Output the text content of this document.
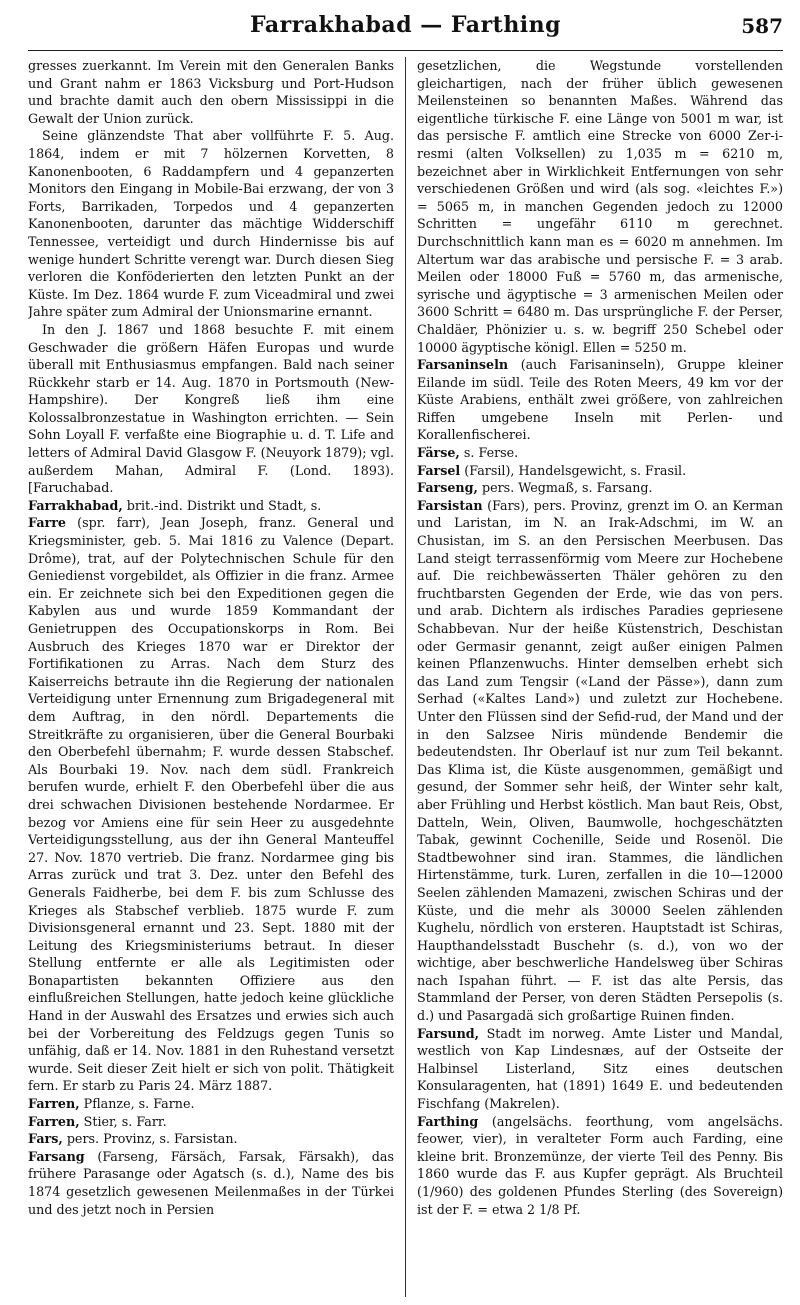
Farrakhabad — Farthing	587

gresses zuerkannt. Im Verein mit den Generalen Banks und Grant nahm er 1863 Vicksburg und Port-Hudson und brachte damit auch den obern Mississippi in die Gewalt der Union zurück.

Seine glänzendste That aber vollführte F. 5. Aug. 1864, indem er mit 7 hölzernen Korvetten, 8 Kanonenbooten, 6 Raddampfern und 4 gepanzerten Monitors den Eingang in Mobile-Bai erzwang, der von 3 Forts, Barrikaden, Torpedos und 4 gepanzerten Kanonenbooten, darunter das mächtige Widderschiff Tennessee, verteidigt und durch Hindernisse bis auf wenige hundert Schritte verengt war. Durch diesen Sieg verloren die Konföderierten den letzten Punkt an der Küste. Im Dez. 1864 wurde F. zum Viceadmiral und zwei Jahre später zum Admiral der Unionsmarine ernannt.

In den J. 1867 und 1868 besuchte F. mit einem Geschwader die größern Häfen Europas und wurde überall mit Enthusiasmus empfangen. Bald nach seiner Rückkehr starb er 14. Aug. 1870 in Portsmouth (New-Hampshire). Der Kongreß ließ ihm eine Kolossalbronzestatue in Washington errichten. — Sein Sohn Loyall F. verfaßte eine Biographie u. d. T. Life and letters of Admiral David Glasgow F. (Neuyork 1879); vgl. außerdem Mahan, Admiral F. (Lond. 1893). [Faruchabad.

Farrakhabad, brit.-ind. Distrikt und Stadt, s.

Farre (spr. farr), Jean Joseph, franz. General und Kriegsminister, geb. 5. Mai 1816 zu Valence (Depart. Drôme), trat, auf der Polytechnischen Schule für den Geniedienst vorgebildet, als Offizier in die franz. Armee ein. Er zeichnete sich bei den Expeditionen gegen die Kabylen aus und wurde 1859 Kommandant der Genietruppen des Occupationskorps in Rom. Bei Ausbruch des Krieges 1870 war er Direktor der Fortifikationen zu Arras. Nach dem Sturz des Kaiserreichs betraute ihn die Regierung der nationalen Verteidigung unter Ernennung zum Brigadegeneral mit dem Auftrag, in den nördl. Departements die Streitkräfte zu organisieren, über die General Bourbaki den Oberbefehl übernahm; F. wurde dessen Stabschef. Als Bourbaki 19. Nov. nach dem südl. Frankreich berufen wurde, erhielt F. den Oberbefehl über die aus drei schwachen Divisionen bestehende Nordarmee. Er bezog vor Amiens eine für sein Heer zu ausgedehnte Verteidigungsstellung, aus der ihn General Manteuffel 27. Nov. 1870 vertrieb. Die franz. Nordarmee ging bis Arras zurück und trat 3. Dez. unter den Befehl des Generals Faidherbe, bei dem F. bis zum Schlusse des Krieges als Stabschef verblieb. 1875 wurde F. zum Divisionsgeneral ernannt und 23. Sept. 1880 mit der Leitung des Kriegsministeriums betraut. In dieser Stellung entfernte er alle als Legitimisten oder Bonapartisten bekannten Offiziere aus den einflußreichen Stellungen, hatte jedoch keine glückliche Hand in der Auswahl des Ersatzes und erwies sich auch bei der Vorbereitung des Feldzugs gegen Tunis so unfähig, daß er 14. Nov. 1881 in den Ruhestand versetzt wurde. Seit dieser Zeit hielt er sich von polit. Thätigkeit fern. Er starb zu Paris 24. März 1887.

Farren, Pflanze, s. Farne.

Farren, Stier, s. Farr.

Fars, pers. Provinz, s. Farsistan.

Farsang (Farseng, Färsäch, Farsak, Färsakh), das frühere Parasange oder Agatsch (s. d.), Name des bis 1874 gesetzlich gewesenen Meilenmaßes in der Türkei und des jetzt noch in Persien

gesetzlichen, die Wegstunde vorstellenden gleichartigen, nach der früher üblich gewesenen Meilensteinen so benannten Maßes. Während das eigentliche türkische F. eine Länge von 5001 m war, ist das persische F. amtlich eine Strecke von 6000 Zer-i-resmi (alten Volksellen) zu 1,035 m = 6210 m, bezeichnet aber in Wirklichkeit Entfernungen von sehr verschiedenen Größen und wird (als sog. «leichtes F.») = 5065 m, in manchen Gegenden jedoch zu 12000 Schritten = ungefähr 6110 m gerechnet. Durchschnittlich kann man es = 6020 m annehmen. Im Altertum war das arabische und persische F. = 3 arab. Meilen oder 18000 Fuß = 5760 m, das armenische, syrische und ägyptische = 3 armenischen Meilen oder 3600 Schritt = 6480 m. Das ursprüngliche F. der Perser, Chaldäer, Phönizier u. s. w. begriff 250 Schebel oder 10000 ägyptische königl. Ellen = 5250 m.

Farsaninseln (auch Farisaninseln), Gruppe kleiner Eilande im südl. Teile des Roten Meers, 49 km vor der Küste Arabiens, enthält zwei größere, von zahlreichen Riffen umgebene Inseln mit Perlen- und Korallenfischerei.

Färse, s. Ferse.

Farsel (Farsil), Handelsgewicht, s. Frasil.

Farseng, pers. Wegmaß, s. Farsang.

Farsistan (Fars), pers. Provinz, grenzt im O. an Kerman und Laristan, im N. an Irak-Adschmi, im W. an Chusistan, im S. an den Persischen Meerbusen. Das Land steigt terrassenförmig vom Meere zur Hochebene auf. Die reichbewässerten Thäler gehören zu den fruchtbarsten Gegenden der Erde, wie das von pers. und arab. Dichtern als irdisches Paradies gepriesene Schabbevan. Nur der heiße Küstenstrich, Deschistan oder Germasir genannt, zeigt außer einigen Palmen keinen Pflanzenwuchs. Hinter demselben erhebt sich das Land zum Tengsir («Land der Pässe»), dann zum Serhad («Kaltes Land») und zuletzt zur Hochebene. Unter den Flüssen sind der Sefid-rud, der Mand und der in den Salzsee Niris mündende Bendemir die bedeutendsten. Ihr Oberlauf ist nur zum Teil bekannt. Das Klima ist, die Küste ausgenommen, gemäßigt und gesund, der Sommer sehr heiß, der Winter sehr kalt, aber Frühling und Herbst köstlich. Man baut Reis, Obst, Datteln, Wein, Oliven, Baumwolle, hochgeschätzten Tabak, gewinnt Cochenille, Seide und Rosenöl. Die Stadtbewohner sind iran. Stammes, die ländlichen Hirtenstämme, turk. Luren, zerfallen in die 10—12000 Seelen zählenden Mamazeni, zwischen Schiras und der Küste, und die mehr als 30000 Seelen zählenden Kughelu, nördlich von ersteren. Hauptstadt ist Schiras, Haupthandelsstadt Buschehr (s. d.), von wo der wichtige, aber beschwerliche Handelsweg über Schiras nach Ispahan führt. — F. ist das alte Persis, das Stammland der Perser, von deren Städten Persepolis (s. d.) und Pasargadä sich großartige Ruinen finden.

Farsund, Stadt im norweg. Amte Lister und Mandal, westlich von Kap Lindesnæs, auf der Ostseite der Halbinsel Listerland, Sitz eines deutschen Konsularagenten, hat (1891) 1649 E. und bedeutenden Fischfang (Makrelen).

Farthing (angelsächs. feorthung, vom angelsächs. feower, vier), in veralteter Form auch Farding, eine kleine brit. Bronzemünze, der vierte Teil des Penny. Bis 1860 wurde das F. aus Kupfer geprägt. Als Bruchteil (1/960) des goldenen Pfundes Sterling (des Sovereign) ist der F. = etwa 2 1/8 Pf.
